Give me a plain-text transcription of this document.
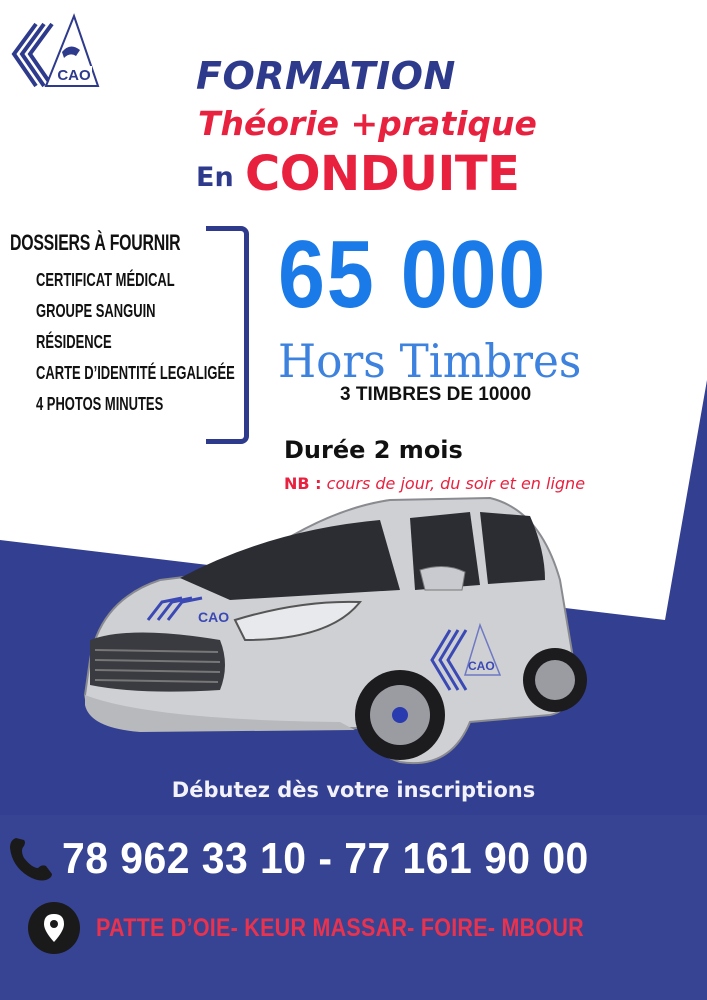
CAO	FORMATION
Théorie +pratique
En CONDUITE
DOSSIERS À FOURNIR
CERTIFICAT MÉDICAL
GROUPE SANGUIN
RÉSIDENCE
CARTE D’IDENTITÉ LEGALIGÉE
4 PHOTOS MINUTES
65 000
Hors Timbres
3 TIMBRES DE 10000
Durée 2 mois
NB : cours de jour, du soir et en ligne
CAO
CAO
Débutez dès votre inscriptions
78 962 33 10 - 77 161 90 00
PATTE D’OIE- KEUR MASSAR- FOIRE- MBOUR
